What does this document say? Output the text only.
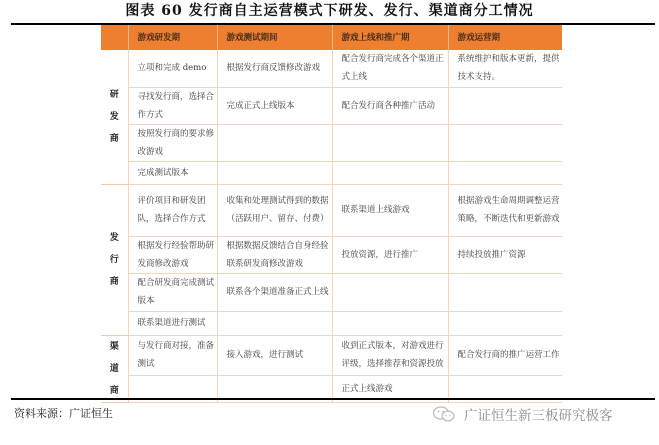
图表 60 发行商自主运营模式下研发、发行、渠道商分工情况
	游戏研发期	游戏测试期间	游戏上线和推广期	游戏运营期

研
发
商	立项和完成 demo	根据发行商反馈修改游戏	配合发行商完成各个渠道正式上线	系统维护和版本更新，提供技术支持。
	寻找发行商，选择合作方式	完成正式上线版本	配合发行商各种推广活动	
	按照发行商的要求修改游戏			
	完成测试版本			

发
行
商	评价项目和研发团队，选择合作方式	收集和处理测试得到的数据（活跃用户、留存、付费）	联系渠道上线游戏	根据游戏生命周期调整运营策略，不断迭代和更新游戏
	根据发行经验帮助研发商修改游戏	根据数据反馈结合自身经验联系研发商修改游戏	投放资源，进行推广	持续投放推广资源
	配合研发商完成测试版本	联系各个渠道准备正式上线		
	联系渠道进行测试			

渠
道
商	与发行商对接，准备测试	接入游戏，进行测试	收到正式版本，对游戏进行评级，选择推荐和资源投放	配合发行商的推广运营工作
			正式上线游戏	
资料来源：广证恒生	广证恒生新三板研究极客
